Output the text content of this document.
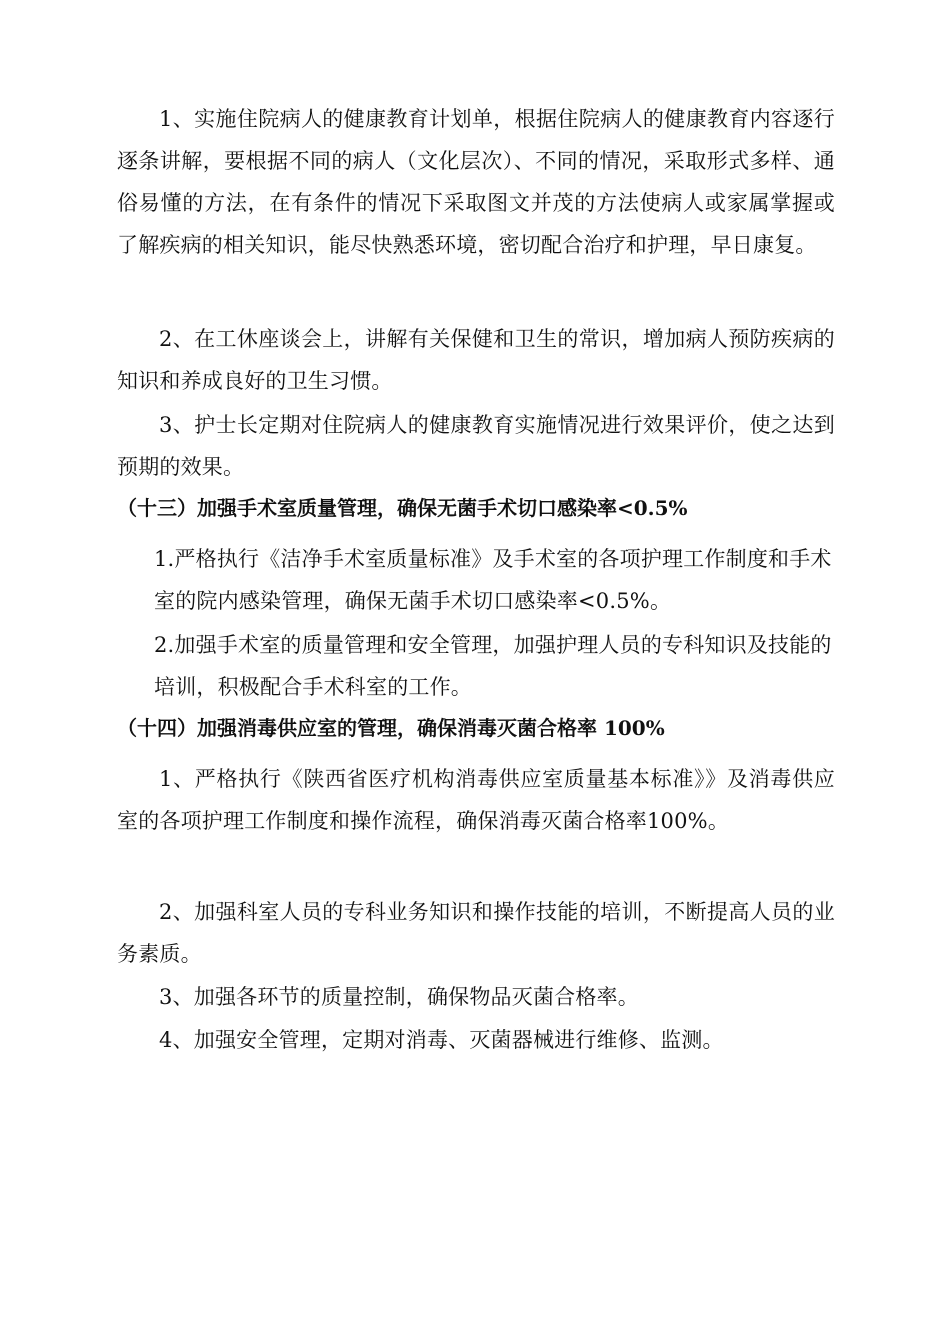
1、实施住院病人的健康教育计划单，根据住院病人的健康教育内容逐行逐条讲解，要根据不同的病人（文化层次）、不同的情况，采取形式多样、通俗易懂的方法，在有条件的情况下采取图文并茂的方法使病人或家属掌握或了解疾病的相关知识，能尽快熟悉环境，密切配合治疗和护理，早日康复。

2、在工休座谈会上，讲解有关保健和卫生的常识，增加病人预防疾病的知识和养成良好的卫生习惯。

3、护士长定期对住院病人的健康教育实施情况进行效果评价，使之达到预期的效果。

（十三）加强手术室质量管理，确保无菌手术切口感染率<0.5%

1.严格执行《洁净手术室质量标准》及手术室的各项护理工作制度和手术室的院内感染管理，确保无菌手术切口感染率<0.5%。

2.加强手术室的质量管理和安全管理，加强护理人员的专科知识及技能的培训，积极配合手术科室的工作。

（十四）加强消毒供应室的管理，确保消毒灭菌合格率 100%

1、严格执行《陕西省医疗机构消毒供应室质量基本标准》》及消毒供应室的各项护理工作制度和操作流程，确保消毒灭菌合格率100%。

2、加强科室人员的专科业务知识和操作技能的培训，不断提高人员的业务素质。

3、加强各环节的质量控制，确保物品灭菌合格率。

4、加强安全管理，定期对消毒、灭菌器械进行维修、监测。
